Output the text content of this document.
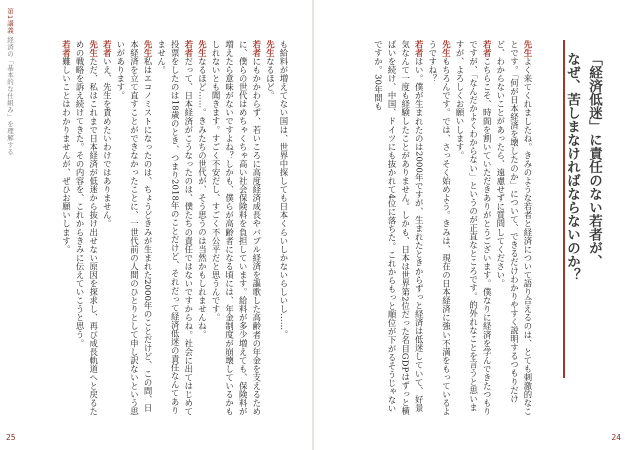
第1講義 経済の「基本的な仕組み」を理解する	も給料が増えてない国は、世界中探しても日本くらいしかないらしいし……。

先生なるほど。

若者にもかかわらず、若いころに高度経済成長やバブル経済を謳歌した高齢者の年金を支えるために、僕らの世代はめちゃくちゃ高い社会保険料を負担しています。給料が多少増えても、保険料が増えたら意味がないですよね？しかも、僕らが高齢者になる頃には、年金制度が崩壊しているかもしれないとも聞きます。すごく不安だし、すごく不公平だと思うんです。

先生なるほど……。きみたちの世代が、そう思うのは当然かもしれませんね。

若者だって、日本経済がこうなったのは、僕たちの責任ではないですからね。社会に出てはじめて投票をしたのは18歳のとき、つまり2018年のことだけど、それだって経済低迷の責任なんてありません。

先生私はエコノミストになったのは、ちょうどきみが生まれた2000年のことだけど、この間、日本経済を立て直すことができなかったことに、一世代前の人間のひとりとして申し訳ないという思いがあります。

若者いえ、先生を責めたいわけではありません。

先生ただ、私はこれまで日本経済が低迷から抜け出せない原因を探求し、再び成長軌道へと戻るための戦略を訴え続けてきた。その内容を、これからきみに伝えていこうと思う。

若者難しいことはわかりませんが、ぜひお願いします。

25

先生よく来てくれましたね。きみのような若者と経済について語り合えるのは、とても刺激的なことです。「何が日本経済を壊したのか」について、できるだけわかりやすく説明するつもりだけど、わからないことがあったら、遠慮せずに質問してください。

若者こちらこそ、時間を割いていただきありがとうございます。僕なりに経済を学んできたつもりですが、「なんだかよくわからない」というのが正直なところです。的外れなことを言うと思いますが、よろしくお願いします。

先生もちろんです。では、さっそく始めよう。きみは、現在の日本経済に強い不満をもっているようですね？

若者はい。僕が生まれたのは2000年ですが、生まれたときからずっと経済は低迷していて、好景気なんて一度も経験したことがありません。しかも、日本は世界第2位だった名目GDPはずっと横ばいを続け、中国、ドイツにも抜かれて4位に落ちた。これからもっと順位が下がるそうじゃないですか。30年間も	「経済低迷」に責任のない若者が、
なぜ、苦しまなければならないのか？
24
